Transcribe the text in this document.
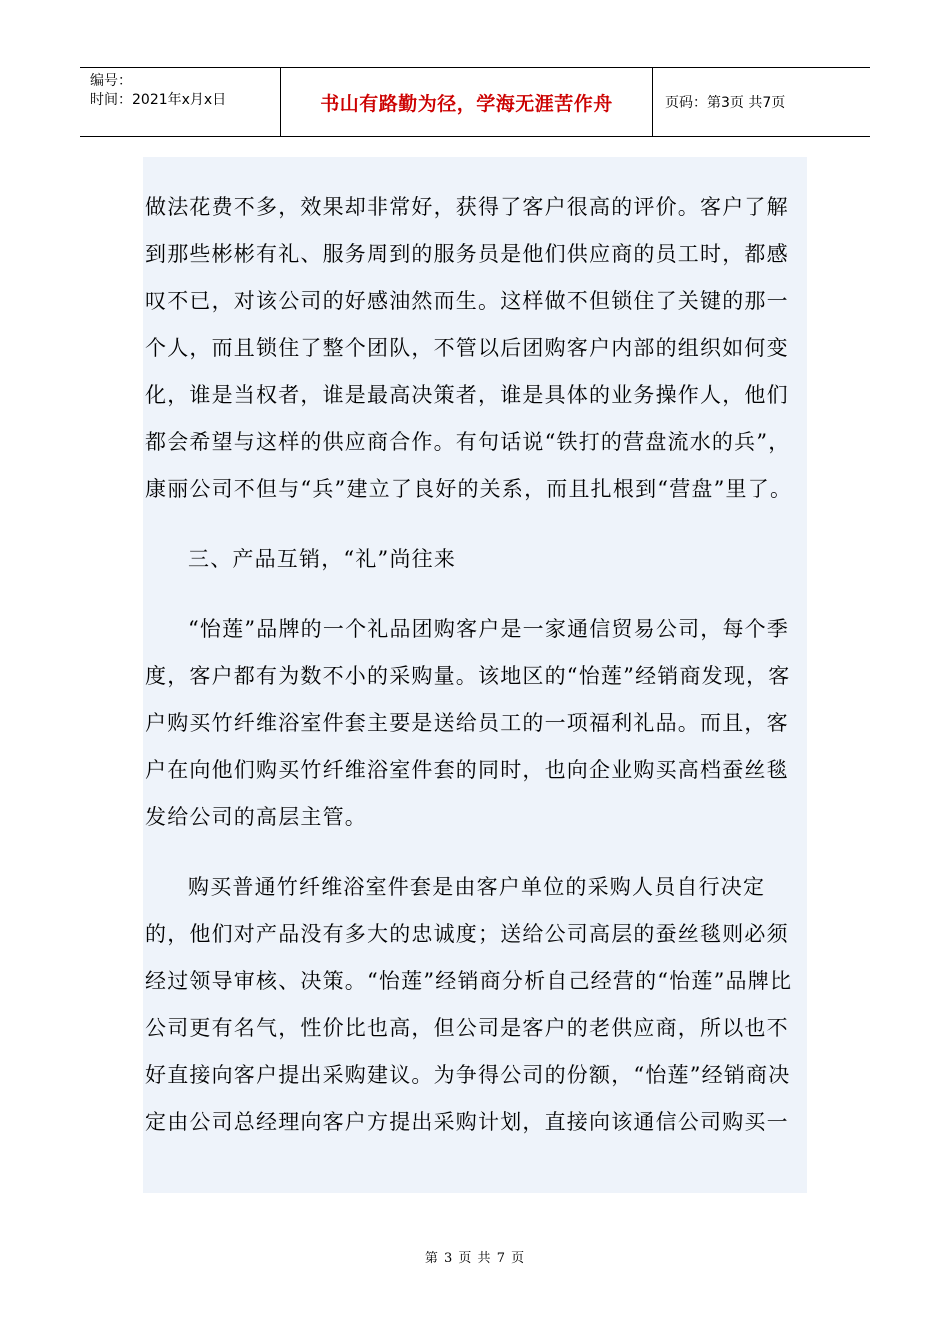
编号：
时间：2021年x月x日	书山有路勤为径，学海无涯苦作舟	页码：第3页 共7页

做法花费不多，效果却非常好，获得了客户很高的评价。客户了解到那些彬彬有礼、服务周到的服务员是他们供应商的员工时，都感叹不已，对该公司的好感油然而生。这样做不但锁住了关键的那一个人，而且锁住了整个团队，不管以后团购客户内部的组织如何变化，谁是当权者，谁是最高决策者，谁是具体的业务操作人，他们都会希望与这样的供应商合作。有句话说“铁打的营盘流水的兵”，康丽公司不但与“兵”建立了良好的关系，而且扎根到“营盘”里了。

三、产品互销，“礼”尚往来

“怡莲”品牌的一个礼品团购客户是一家通信贸易公司，每个季度，客户都有为数不小的采购量。该地区的“怡莲”经销商发现，客户购买竹纤维浴室件套主要是送给员工的一项福利礼品。而且，客户在向他们购买竹纤维浴室件套的同时，也向企业购买高档蚕丝毯发给公司的高层主管。

购买普通竹纤维浴室件套是由客户单位的采购人员自行决定的，他们对产品没有多大的忠诚度；送给公司高层的蚕丝毯则必须经过领导审核、决策。“怡莲”经销商分析自己经营的“怡莲”品牌比公司更有名气，性价比也高，但公司是客户的老供应商，所以也不好直接向客户提出采购建议。为争得公司的份额，“怡莲”经销商决定由公司总经理向客户方提出采购计划，直接向该通信公司购买一

第 3 页 共 7 页
